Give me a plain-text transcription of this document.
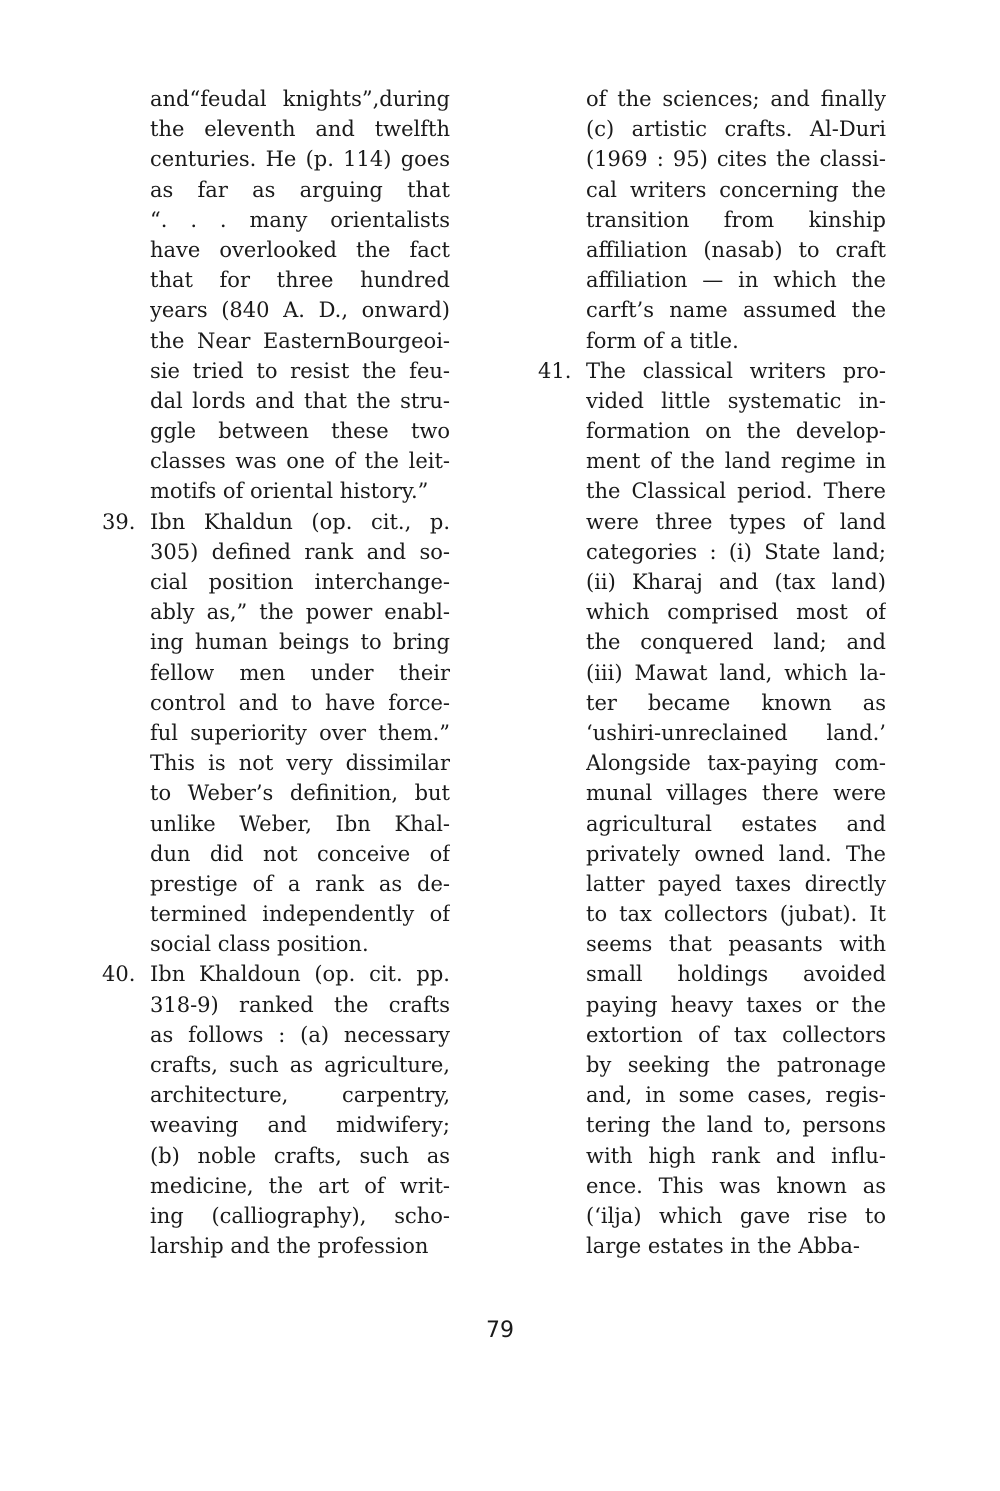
and“feudal knights”,during
the eleventh and twelfth
centuries. He (p. 114) goes
as far as arguing that
“. . . many orientalists
have overlooked the fact
that for three hundred
years (840 A. D., onward)
the Near EasternBourgeoi-
sie tried to resist the feu-
dal lords and that the stru-
ggle between these two
classes was one of the leit-
motifs of oriental history.”
39. Ibn Khaldun (op. cit., p.
305) defined rank and so-
cial position interchange-
ably as,” the power enabl-
ing human beings to bring
fellow men under their
control and to have force-
ful superiority over them.”
This is not very dissimilar
to Weber’s definition, but
unlike Weber, Ibn Khal-
dun did not conceive of
prestige of a rank as de-
termined independently of
social class position.
40. Ibn Khaldoun (op. cit. pp.
318-9) ranked the crafts
as follows : (a) necessary
crafts, such as agriculture,
architecture, carpentry,
weaving and midwifery;
(b) noble crafts, such as
medicine, the art of writ-
ing (calliography), scho-
larship and the profession
of the sciences; and finally
(c) artistic crafts. Al-Duri
(1969 : 95) cites the classi-
cal writers concerning the
transition from kinship
affiliation (nasab) to craft
affiliation — in which the
carft’s name assumed the
form of a title.
41. The classical writers pro-
vided little systematic in-
formation on the develop-
ment of the land regime in
the Classical period. There
were three types of land
categories : (i) State land;
(ii) Kharaj and (tax land)
which comprised most of
the conquered land; and
(iii) Mawat land, which la-
ter became known as
‘ushiri-unreclained land.’
Alongside tax-paying com-
munal villages there were
agricultural estates and
privately owned land. The
latter payed taxes directly
to tax collectors (jubat). It
seems that peasants with
small holdings avoided
paying heavy taxes or the
extortion of tax collectors
by seeking the patronage
and, in some cases, regis-
tering the land to, persons
with high rank and influ-
ence. This was known as
(‘ilja) which gave rise to
large estates in the Abba-
79
